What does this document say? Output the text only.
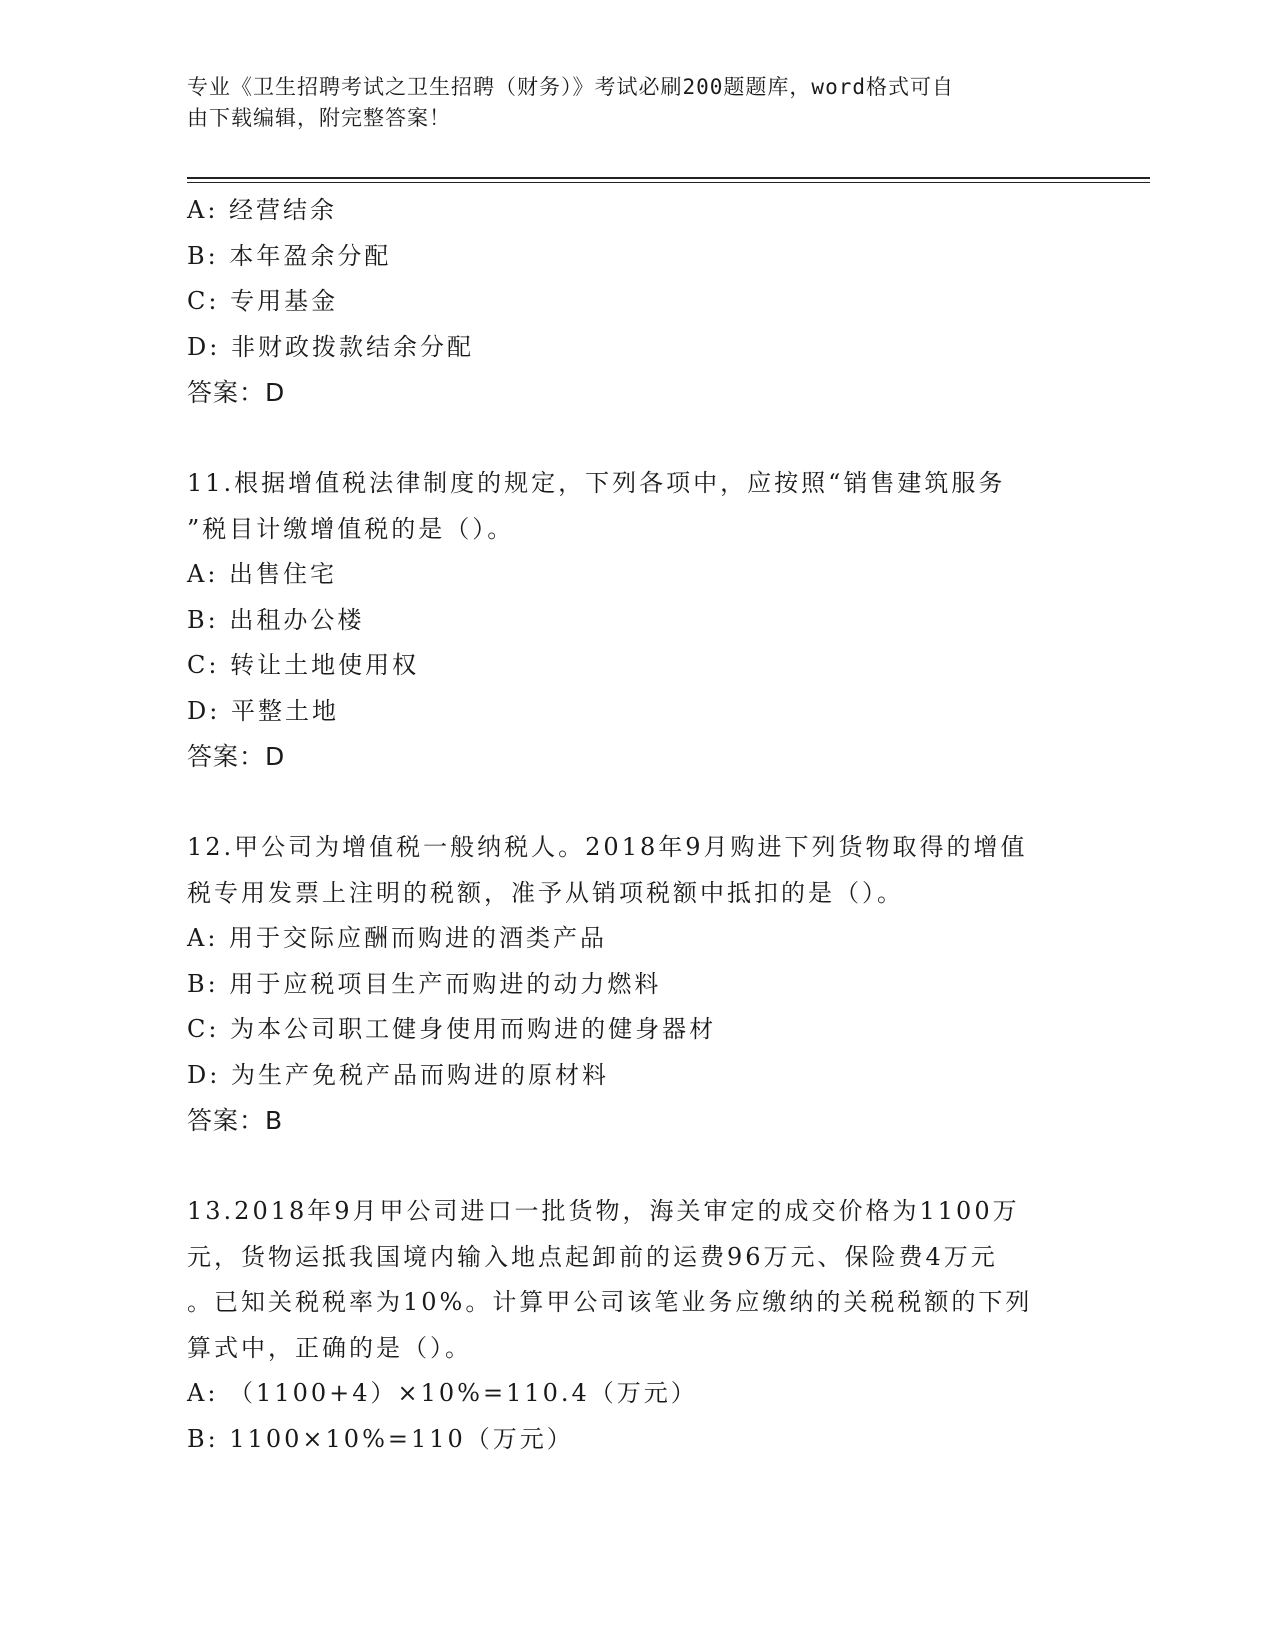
专业《卫生招聘考试之卫生招聘（财务）》考试必刷200题题库，word格式可自
由下载编辑，附完整答案！
A: 经营结余
B: 本年盈余分配
C: 专用基金
D: 非财政拨款结余分配
答案：D
11.根据增值税法律制度的规定，下列各项中，应按照“销售建筑服务
”税目计缴增值税的是（）。
A: 出售住宅
B: 出租办公楼
C: 转让土地使用权
D: 平整土地
答案：D
12.甲公司为增值税一般纳税人。2018年9月购进下列货物取得的增值
税专用发票上注明的税额，准予从销项税额中抵扣的是（）。
A: 用于交际应酬而购进的酒类产品
B: 用于应税项目生产而购进的动力燃料
C: 为本公司职工健身使用而购进的健身器材
D: 为生产免税产品而购进的原材料
答案：B
13.2018年9月甲公司进口一批货物，海关审定的成交价格为1100万
元，货物运抵我国境内输入地点起卸前的运费96万元、保险费4万元
。已知关税税率为10%。计算甲公司该笔业务应缴纳的关税税额的下列
算式中，正确的是（）。
A: （1100+4）×10%=110.4（万元）
B: 1100×10%=110（万元）
